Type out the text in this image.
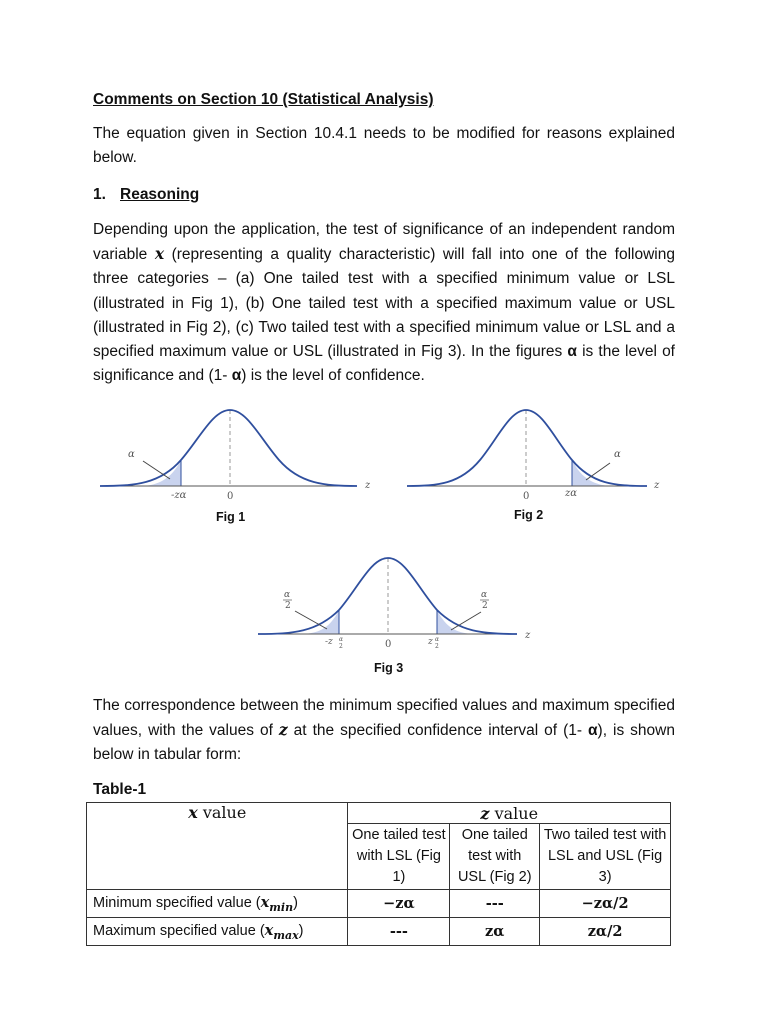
Comments on Section 10 (Statistical Analysis)
The equation given in Section 10.4.1 needs to be modified for reasons explained below.
1. Reasoning
Depending upon the application, the test of significance of an independent random variable x (representing a quality characteristic) will fall into one of the following three categories – (a) One tailed test with a specified minimum value or LSL (illustrated in Fig 1), (b) One tailed test with a specified maximum value or USL (illustrated in Fig 2), (c) Two tailed test with a specified minimum value or LSL and a specified maximum value or USL (illustrated in Fig 3). In the figures α is the level of significance and (1- α) is the level of confidence.
α
-zα	0
z
Fig 1
α
zα
0
z
Fig 2
α
2
α
2
-z α
2	z α
2
0
z
Fig 3
The correspondence between the minimum specified values and maximum specified values, with the values of z at the specified confidence interval of (1- α), is shown below in tabular form:
Table-1
x value	z value		
	One tailed test with LSL (Fig 1)	One tailed test with USL (Fig 2)	Two tailed test with LSL and USL (Fig 3)
Minimum specified value $(x_{min})$	−zα	---	−zα/2
Maximum specified value $(x_{max})$	---	zα	zα/2
